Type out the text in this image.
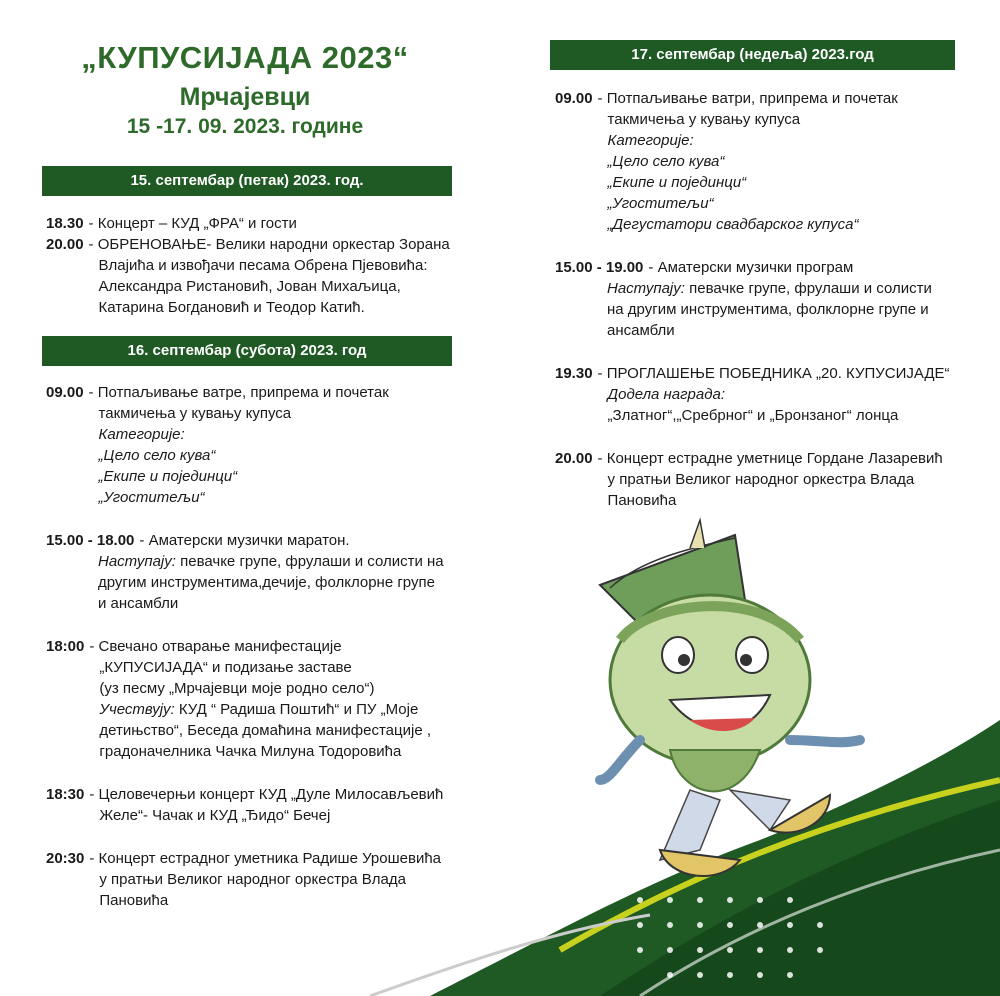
„КУПУСИЈАДА 2023“
Мрчајевци
15 -17. 09. 2023. године
15. септембар (петак) 2023. год.
18.30 - Концерт – КУД „ФРА“ и гости
20.00 - ОБРЕНОВАЊЕ- Велики народни оркестар Зорана
Влајића и извођачи песама Обрена Пјевовића:
Александра Ристановић, Јован Михаљица,
Катарина Богдановић и Теодор Катић.
16. септембар (субота) 2023. год
09.00 - Потпаљивање ватре, припрема и почетак
такмичења у кувању купуса
Категорије:
„Цело село кува“
„Екипе и појединци“
„Угоститељи“
15.00 - 18.00 - Аматерски музички маратон.
Наступају: певачке групе, фрулаши и солисти на
другим инструментима,дечије, фолклорне групе
и ансамбли
18:00 - Свечано отварање манифестације
„КУПУСИЈАДА“ и подизање заставе
(уз песму „Мрчајевци моје родно село“)
Учествују: КУД “ Радиша Поштић“ и ПУ „Моје
детињство“, Беседа домаћина манифестације ,
градоначелника Чачка Милуна Тодоровића
18:30 - Целовечерњи концерт КУД „Дуле Милосављевић
Желе“- Чачак и КУД „Ђидо“ Бечеј
20:30 - Концерт естрадног уметника Радише Урошевића
у пратњи Великог народног оркестра Влада
Пановића
17. септембар (недеља) 2023.год
09.00 - Потпаљивање ватри, припрема и почетак
такмичења у кувању купуса
Категорије:
„Цело село кува“
„Екипе и појединци“
„Угоститељи“
„Дегустатори свадбарског купуса“
15.00 - 19.00 - Аматерски музички програм
Наступају: певачке групе, фрулаши и солисти
на другим инструментима, фолклорне групе и
ансамбли
19.30 - ПРОГЛАШЕЊЕ ПОБЕДНИКА „20. КУПУСИЈАДЕ“
Додела награда:
„Златног“,„Сребрног“ и „Бронзаног“ лонца
20.00 - Концерт естрадне уметнице Гордане Лазаревић
у пратњи Великог народног оркестра Влада
Пановића
